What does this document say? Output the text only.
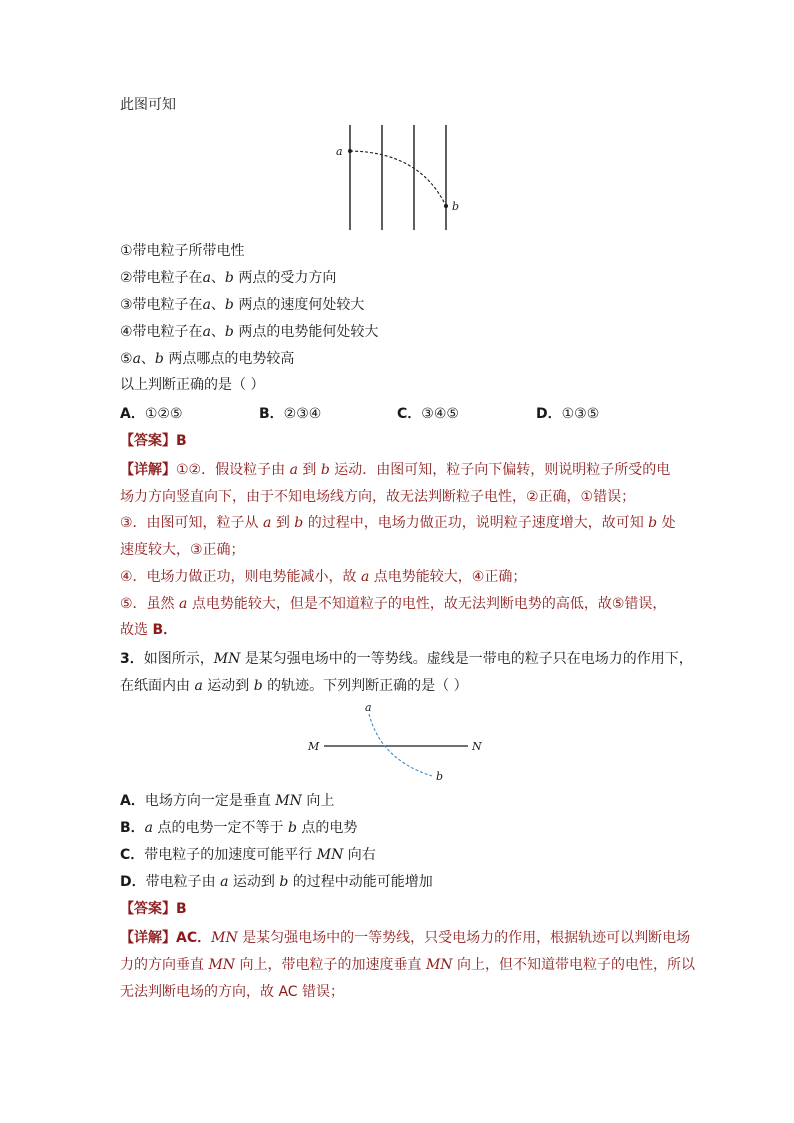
此图可知
a
b
①带电粒子所带电性
②带电粒子在a、b 两点的受力方向
③带电粒子在a、b 两点的速度何处较大
④带电粒子在a、b 两点的电势能何处较大
⑤a、b 两点哪点的电势较高
以上判断正确的是（ ）
A．①②⑤	B．②③④	C．③④⑤	D．①③⑤
【答案】B
【详解】①②．假设粒子由 a 到 b 运动．由图可知，粒子向下偏转，则说明粒子所受的电
场力方向竖直向下，由于不知电场线方向，故无法判断粒子电性，②正确，①错误；
③．由图可知，粒子从 a 到 b 的过程中，电场力做正功，说明粒子速度增大，故可知 b 处
速度较大，③正确；
④．电场力做正功，则电势能减小，故 a 点电势能较大，④正确；
⑤．虽然 a 点电势能较大，但是不知道粒子的电性，故无法判断电势的高低，故⑤错误，
故选 B．
3．如图所示，MN 是某匀强电场中的一等势线。虚线是一带电的粒子只在电场力的作用下，
在纸面内由 a 运动到 b 的轨迹。下列判断正确的是（ ）
a
b
M	N
A．电场方向一定是垂直 MN 向上
B．a 点的电势一定不等于 b 点的电势
C．带电粒子的加速度可能平行 MN 向右
D．带电粒子由 a 运动到 b 的过程中动能可能增加
【答案】B
【详解】AC．MN 是某匀强电场中的一等势线，只受电场力的作用，根据轨迹可以判断电场
力的方向垂直 MN 向上，带电粒子的加速度垂直 MN 向上，但不知道带电粒子的电性，所以
无法判断电场的方向，故 AC 错误；
